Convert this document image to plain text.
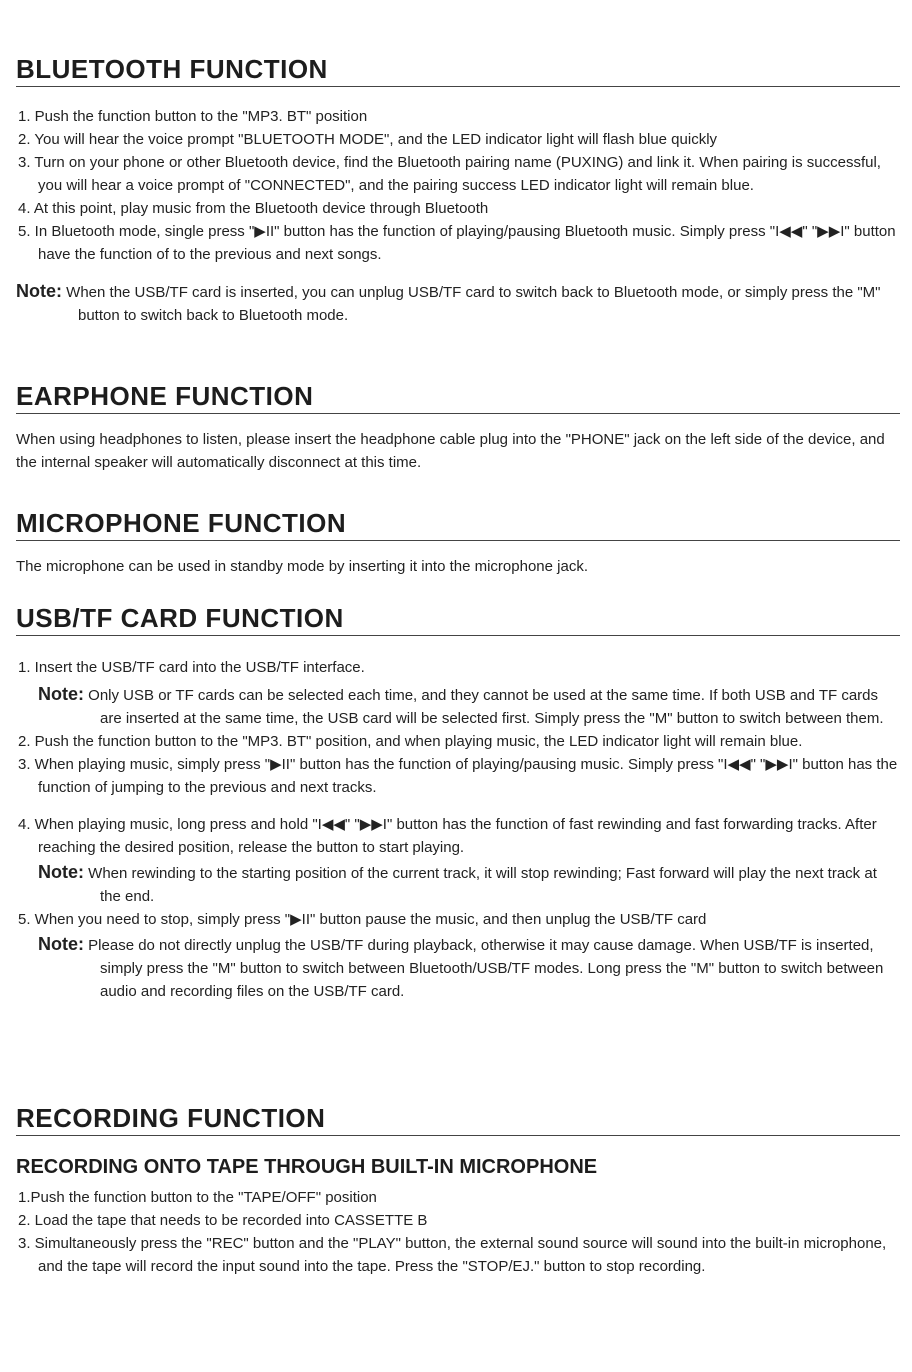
BLUETOOTH FUNCTION
1. Push the function button to the "MP3. BT" position
2. You will hear the voice prompt "BLUETOOTH MODE", and the LED indicator light will flash blue quickly
3. Turn on your phone or other Bluetooth device, find the Bluetooth pairing name (PUXING) and link it. When pairing is successful, you will hear a voice prompt of "CONNECTED", and the pairing success LED indicator light will remain blue.
4. At this point, play music from the Bluetooth device through Bluetooth
5. In Bluetooth mode, single press "▶II" button has the function of playing/pausing Bluetooth music. Simply press "I◀◀" "▶▶I" button have the function of to the previous and next songs.
Note: When the USB/TF card is inserted, you can unplug USB/TF card to switch back to Bluetooth mode, or simply press the "M" button to switch back to Bluetooth mode.
EARPHONE FUNCTION

When using headphones to listen, please insert the headphone cable plug into the "PHONE" jack on the left side of the device, and the internal speaker will automatically disconnect at this time.

MICROPHONE FUNCTION

The microphone can be used in standby mode by inserting it into the microphone jack.

USB/TF CARD FUNCTION
1. Insert the USB/TF card into the USB/TF interface.
Note: Only USB or TF cards can be selected each time, and they cannot be used at the same time. If both USB and TF cards are inserted at the same time, the USB card will be selected first. Simply press the "M" button to switch between them.
2. Push the function button to the "MP3. BT" position, and when playing music, the LED indicator light will remain blue.
3. When playing music, simply press "▶II" button has the function of playing/pausing music. Simply press "I◀◀" "▶▶I" button has the function of jumping to the previous and next tracks.
4. When playing music, long press and hold "I◀◀" "▶▶I" button has the function of fast rewinding and fast forwarding tracks. After reaching the desired position, release the button to start playing.
Note: When rewinding to the starting position of the current track, it will stop rewinding; Fast forward will play the next track at the end.
5. When you need to stop, simply press "▶II" button pause the music, and then unplug the USB/TF card
Note: Please do not directly unplug the USB/TF during playback, otherwise it may cause damage. When USB/TF is inserted, simply press the "M" button to switch between Bluetooth/USB/TF modes. Long press the "M" button to switch between audio and recording files on the USB/TF card.
RECORDING FUNCTION
RECORDING ONTO TAPE THROUGH BUILT-IN MICROPHONE
1.Push the function button to the "TAPE/OFF" position
2. Load the tape that needs to be recorded into CASSETTE B
3. Simultaneously press the "REC" button and the "PLAY" button, the external sound source will sound into the built-in microphone, and the tape will record the input sound into the tape. Press the "STOP/EJ." button to stop recording.
